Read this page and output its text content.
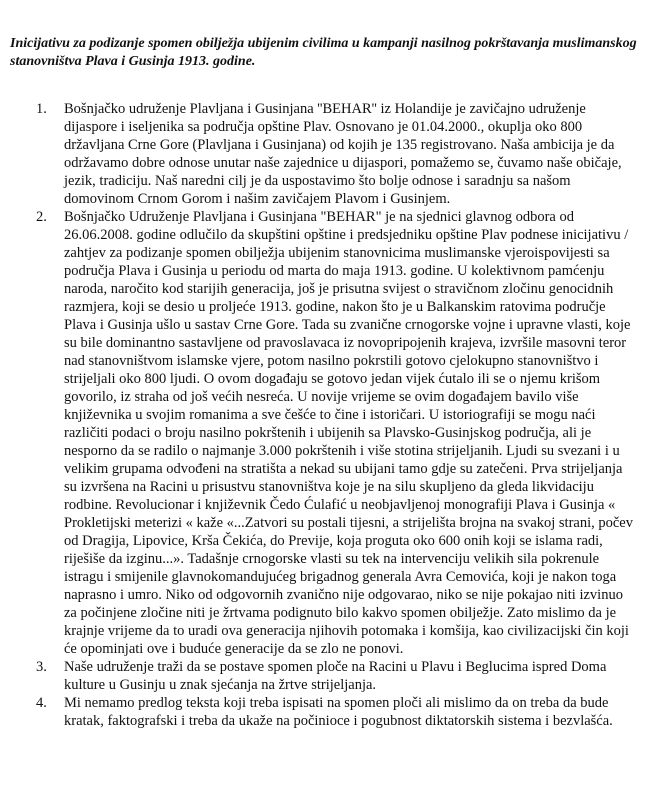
Inicijativu za podizanje spomen obilježja ubijenim civilima u kampanji nasilnog pokrštavanja muslimanskog stanovništva Plava i Gusinja 1913. godine.

1. Bošnjačko udruženje Plavljana i Gusinjana ''BEHAR'' iz Holandije je zavičajno udruženje dijaspore i iseljenika sa područja opštine Plav. Osnovano je 01.04.2000., okuplja oko 800 državljana Crne Gore (Plavljana i Gusinjana) od kojih je 135 registrovano. Naša ambicija je da održavamo dobre odnose unutar naše zajednice u dijaspori, pomažemo se, čuvamo naše običaje, jezik, tradiciju. Naš naredni cilj je da uspostavimo što bolje odnose i saradnju sa našom domovinom Crnom Gorom i našim zavičajem Plavom i Gusinjem.
2. Bošnjačko Udruženje Plavljana i Gusinjana "BEHAR" je na sjednici glavnog odbora od 26.06.2008. godine odlučilo da skupštini opštine i predsjedniku opštine Plav podnese inicijativu / zahtjev za podizanje spomen obilježja ubijenim stanovnicima muslimanske vjeroispovijesti sa područja Plava i Gusinja u periodu od marta do maja 1913. godine. U kolektivnom pamćenju naroda, naročito kod starijih generacija, još je prisutna svijest o stravičnom zločinu genocidnih razmjera, koji se desio u proljeće 1913. godine, nakon što je u Balkanskim ratovima područje Plava i Gusinja ušlo u sastav Crne Gore. Tada su zvanične crnogorske vojne i upravne vlasti, koje su bile dominantno sastavljene od pravoslavaca iz novopripojenih krajeva, izvršile masovni teror nad stanovništvom islamske vjere, potom nasilno pokrstili gotovo cjelokupno stanovništvo i strijeljali oko 800 ljudi. O ovom događaju se gotovo jedan vijek ćutalo ili se o njemu krišom govorilo, iz straha od još većih nesreća. U novije vrijeme se ovim događajem bavilo više književnika u svojim romanima a sve češće to čine i istoričari. U istoriografiji se mogu naći različiti podaci o broju nasilno pokrštenih i ubijenih sa Plavsko-Gusinjskog područja, ali je nesporno da se radilo o najmanje 3.000 pokrštenih i više stotina strijeljanih. Ljudi su svezani i u velikim grupama odvođeni na stratišta a nekad su ubijani tamo gdje su zatečeni. Prva strijeljanja su izvršena na Racini u prisustvu stanovništva koje je na silu skupljeno da gleda likvidaciju rodbine. Revolucionar i književnik Čedo Ćulafić u neobjavljenoj monografiji Plava i Gusinja « Prokletijski meterizi « kaže «...Zatvori su postali tijesni, a strijelišta brojna na svakoj strani, počev od Dragija, Lipovice, Krša Čekića, do Previje, koja proguta oko 600 onih koji se islama radi, riješiše da izginu...». Tadašnje crnogorske vlasti su tek na intervenciju velikih sila pokrenule istragu i smijenile glavnokomandujućeg brigadnog generala Avra Cemovića, koji je nakon toga naprasno i umro. Niko od odgovornih zvanično nije odgovarao, niko se nije pokajao niti izvinuo za počinjene zločine niti je žrtvama podignuto bilo kakvo spomen obilježje. Zato mislimo da je krajnje vrijeme da to uradi ova generacija njihovih potomaka i komšija, kao civilizacijski čin koji će opominjati ove i buduće generacije da se zlo ne ponovi.
3. Naše udruženje traži da se postave spomen ploče na Racini u Plavu i Beglucima ispred Doma kulture u Gusinju u znak sjećanja na žrtve strijeljanja.
4. Mi nemamo predlog teksta koji treba ispisati na spomen ploči ali mislimo da on treba da bude kratak, faktografski i treba da ukaže na počinioce i pogubnost diktatorskih sistema i bezvlašća.
